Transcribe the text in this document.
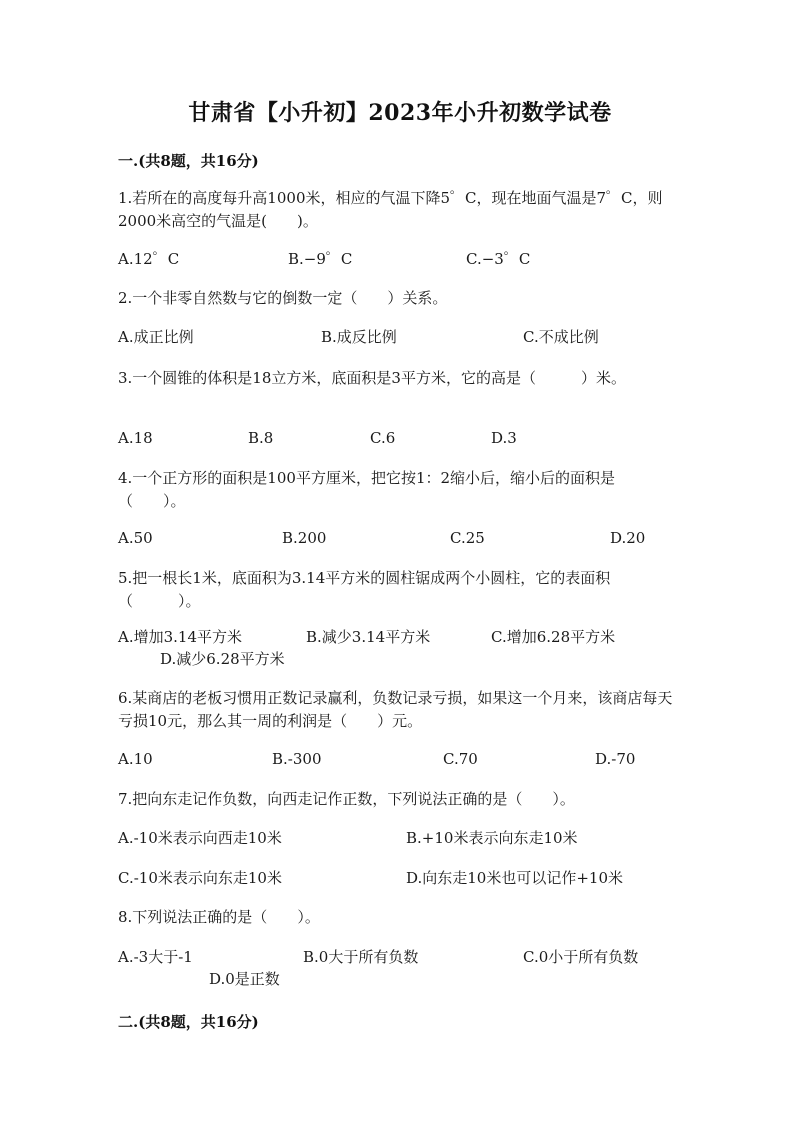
甘肃省【小升初】2023年小升初数学试卷
一.(共8题，共16分)
1.若所在的高度每升高1000米，相应的气温下降5゜C，现在地面气温是7゜C，则2000米高空的气温是(　　)。
A.12゜C	B.−9゜C	C.−3゜C
2.一个非零自然数与它的倒数一定（　　）关系。
A.成正比例	B.成反比例	C.不成比例
3.一个圆锥的体积是18立方米，底面积是3平方米，它的高是（　　　）米。
A.18	B.8	C.6	D.3
4.一个正方形的面积是100平方厘米，把它按1：2缩小后，缩小后的面积是（　　）。
A.50	B.200	C.25	D.20
5.把一根长1米，底面积为3.14平方米的圆柱锯成两个小圆柱，它的表面积（　　　）。
A.增加3.14平方米	B.减少3.14平方米	C.增加6.28平方米
D.减少6.28平方米
6.某商店的老板习惯用正数记录赢利，负数记录亏损，如果这一个月来，该商店每天亏损10元，那么其一周的利润是（　　）元。
A.10	B.-300	C.70	D.-70
7.把向东走记作负数，向西走记作正数，下列说法正确的是（　　）。
A.-10米表示向西走10米	B.+10米表示向东走10米
C.-10米表示向东走10米	D.向东走10米也可以记作+10米
8.下列说法正确的是（　　）。
A.-3大于-1	B.0大于所有负数	C.0小于所有负数
D.0是正数
二.(共8题，共16分)
